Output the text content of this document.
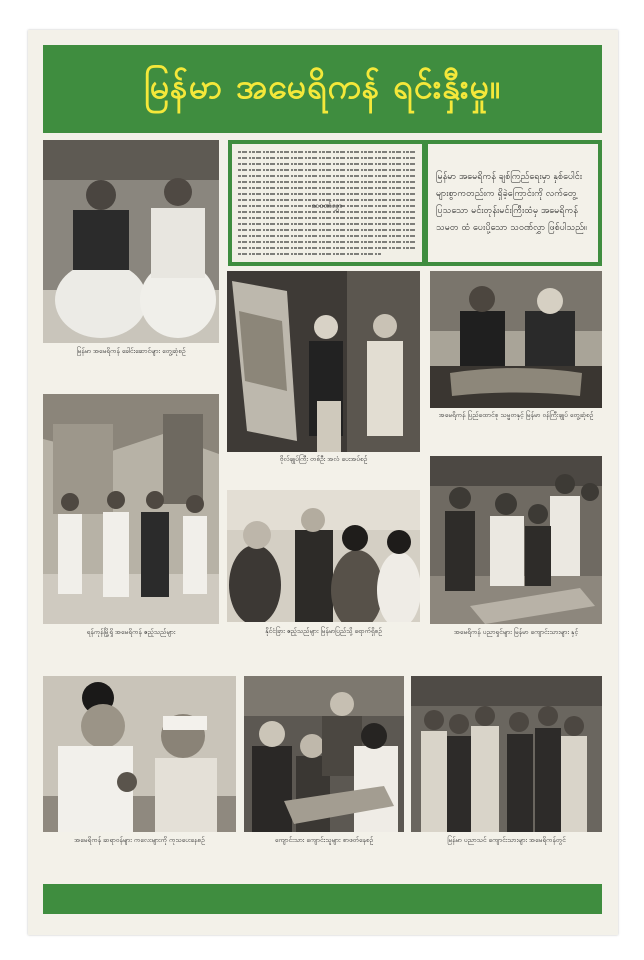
မြန်မာ အမေရိကန် ရင်းနှီးမှု။
မြန်မာ အမေရိကန် ခေါင်းဆောင်များ တွေ့ဆုံစဉ်
သဝဏ်လွှာ

မြန်မာ အမေရိကန် ချစ်ကြည်ရေးမှာ နှစ်ပေါင်းများစွာကတည်းက ရှိခဲ့ကြောင်းကို လက်တွေ့ ပြသသော မင်းတုန်းမင်းကြီးထံမှ အမေရိကန်သမတ ထံ ပေးပို့သော သဝဏ်လွှာ ဖြစ်ပါသည်။

ဗိုလ်ချုပ်ကြီး တစ်ဦး အလံ ပေးအပ်စဉ်
အမေရိကန် ပြည်ထောင်စု သမ္မတနှင့် မြန်မာ ဝန်ကြီးချုပ် တွေ့ဆုံစဉ်
ရန်ကုန်မြို့ရှိ အမေရိကန် ဧည့်သည်များ	နိုင်ငံခြား ဧည့်သည်များ မြန်မာပြည်သို့ ရောက်ရှိစဉ်	အမေရိကန် ပညာရှင်များ မြန်မာ ကျောင်းသားများ နှင့်
အမေရိကန် ဆရာဝန်များ ကလေးများကို ကုသပေးနေစဉ်	ကျောင်းသား ကျောင်းသူများ စာဖတ်နေစဉ်	မြန်မာ ပညာသင် ကျောင်းသားများ အမေရိကန်တွင်
